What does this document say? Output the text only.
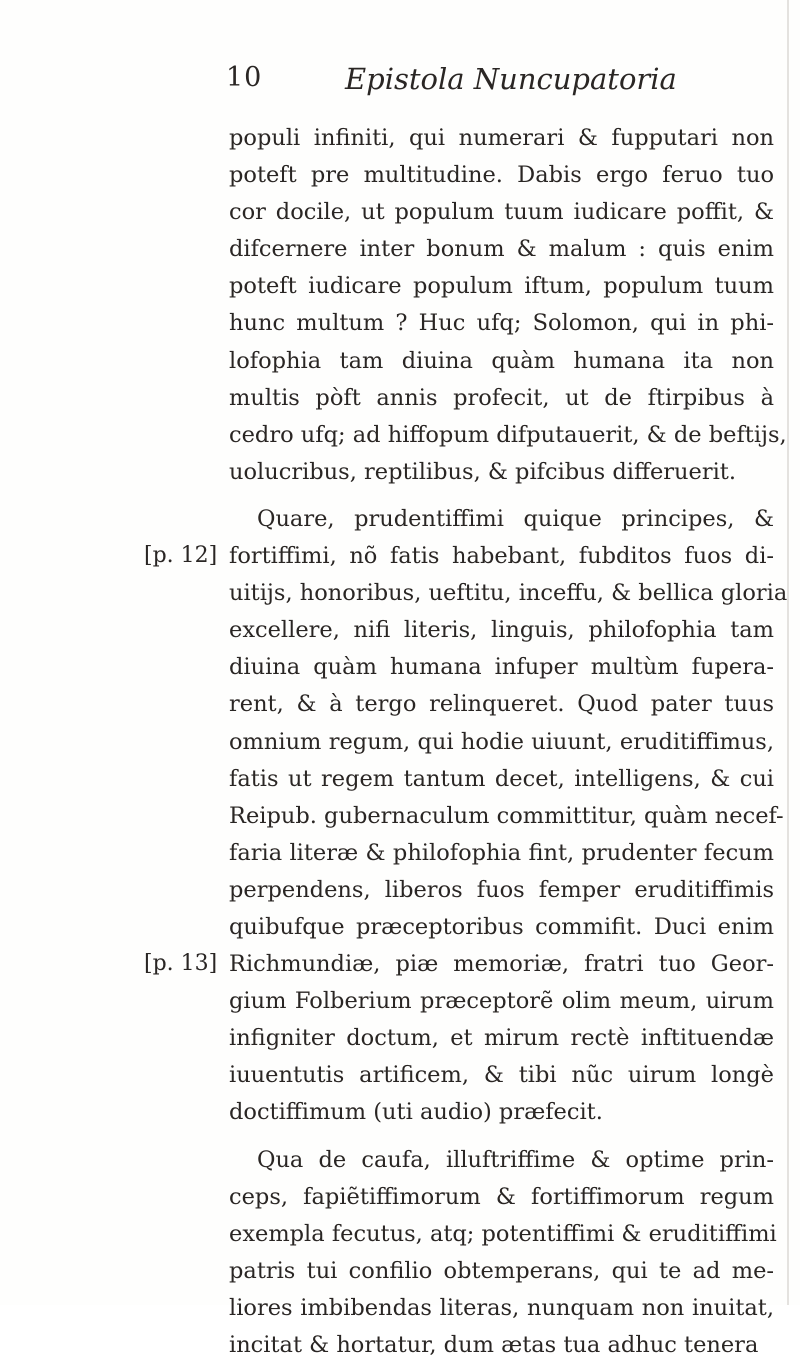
10	Epistola Nuncupatoria
populi infiniti, qui numerari & fupputari non
poteft pre multitudine. Dabis ergo feruo tuo
cor docile, ut populum tuum iudicare poffit, &
difcernere inter bonum & malum : quis enim
poteft iudicare populum iftum, populum tuum
hunc multum ? Huc ufq; Solomon, qui in phi-
lofophia tam diuina quàm humana ita non
multis pòft annis profecit, ut de ftirpibus à
cedro ufq; ad hiffopum difputauerit, & de beftijs,
uolucribus, reptilibus, & pifcibus differuerit.
Quare, prudentiffimi quique principes, &
fortiffimi, nõ fatis habebant, fubditos fuos di-
uitijs, honoribus, ueftitu, inceffu, & bellica gloria
excellere, nifi literis, linguis, philofophia tam
diuina quàm humana infuper multùm fupera-
rent, & à tergo relinqueret. Quod pater tuus
omnium regum, qui hodie uiuunt, eruditiffimus,
fatis ut regem tantum decet, intelligens, & cui
Reipub. gubernaculum committitur, quàm necef-
faria literæ & philofophia fint, prudenter fecum
perpendens, liberos fuos femper eruditiffimis
quibufque præceptoribus commifit. Duci enim
Richmundiæ, piæ memoriæ, fratri tuo Geor-
gium Folberium præceptorẽ olim meum, uirum
infigniter doctum, et mirum rectè inftituendæ
iuuentutis artificem, & tibi nũc uirum longè
doctiffimum (uti audio) præfecit.
Qua de caufa, illuftriffime & optime prin-
ceps, fapiẽtiffimorum & fortiffimorum regum
exempla fecutus, atq; potentiffimi & eruditiffimi
patris tui confilio obtemperans, qui te ad me-
liores imbibendas literas, nunquam non inuitat,
incitat & hortatur, dum ætas tua adhuc tenera
[p. 12]
[p. 13]
